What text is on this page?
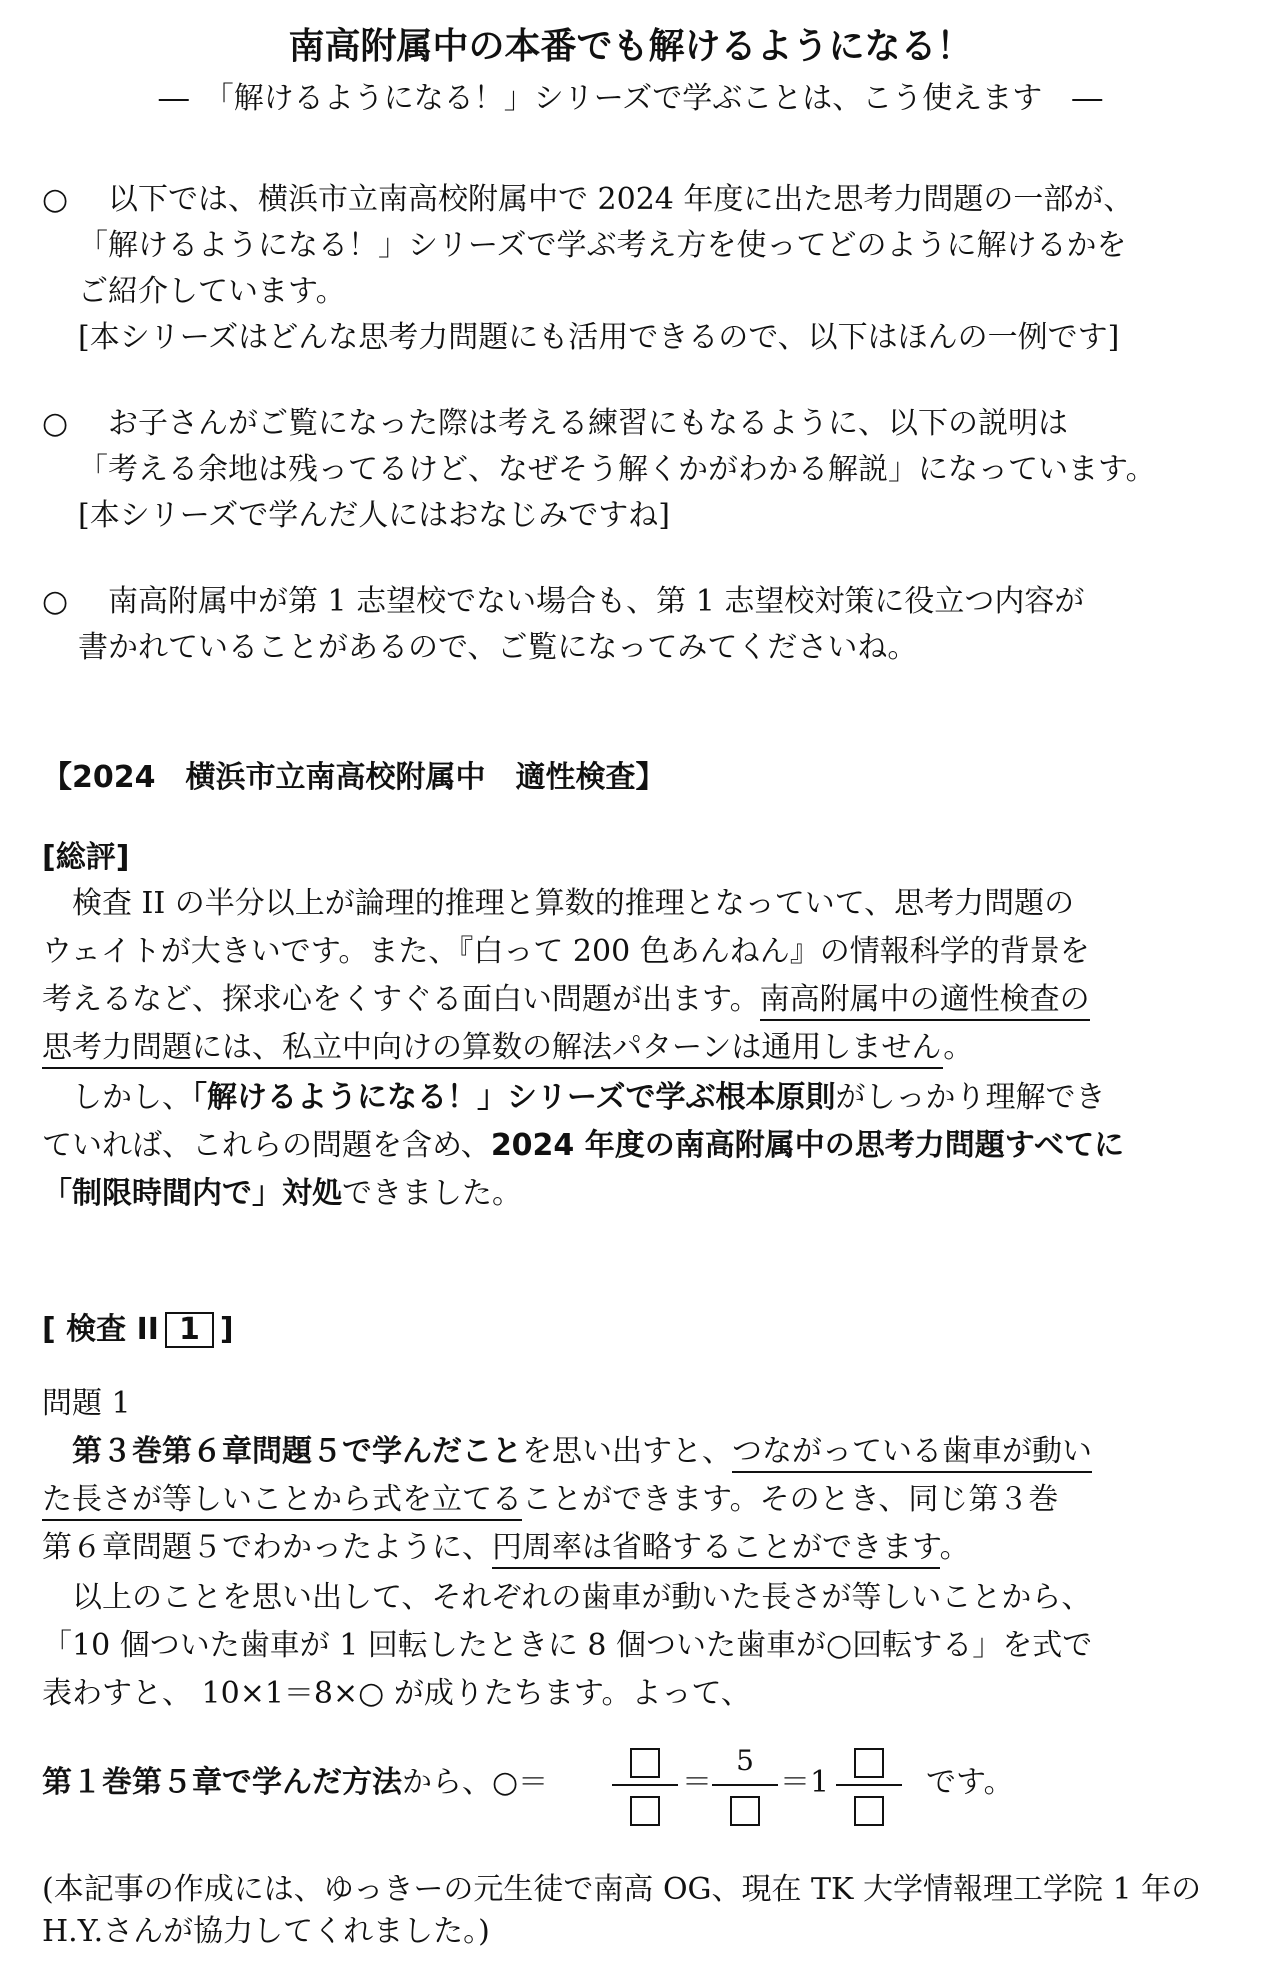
南高附属中の本番でも解けるようになる！
―　「解けるようになる！」シリーズで学ぶことは、こう使えます　―
○ 以下では、横浜市立南高校附属中で 2024 年度に出た思考力問題の一部が、
「解けるようになる！」シリーズで学ぶ考え方を使ってどのように解けるかを
ご紹介しています。
[本シリーズはどんな思考力問題にも活用できるので、以下はほんの一例です]
○ お子さんがご覧になった際は考える練習にもなるように、以下の説明は
「考える余地は残ってるけど、なぜそう解くかがわかる解説」になっています。
[本シリーズで学んだ人にはおなじみですね]
○ 南高附属中が第 1 志望校でない場合も、第 1 志望校対策に役立つ内容が
書かれていることがあるので、ご覧になってみてくださいね。
【2024　横浜市立南高校附属中　適性検査】
[総評]
検査 II の半分以上が論理的推理と算数的推理となっていて、思考力問題の
ウェイトが大きいです。また、『白って 200 色あんねん』の情報科学的背景を
考えるなど、探求心をくすぐる面白い問題が出ます。南高附属中の適性検査の
思考力問題には、私立中向けの算数の解法パターンは通用しません。
しかし、「解けるようになる！」シリーズで学ぶ根本原則がしっかり理解でき
ていれば、これらの問題を含め、2024 年度の南高附属中の思考力問題すべてに
「制限時間内で」対処できました。
[ 検査 II 1 ]
問題 1
第３巻第６章問題５で学んだことを思い出すと、つながっている歯車が動い
た長さが等しいことから式を立てることができます。そのとき、同じ第３巻
第６章問題５でわかったように、円周率は省略することができます。
以上のことを思い出して、それぞれの歯車が動いた長さが等しいことから、
「10 個ついた歯車が 1 回転したときに 8 個ついた歯車が○回転する」を式で
表わすと、 10×1＝8×○ が成りたちます。よって、
第１巻第５章で学んだ方法から、○＝	＝
5
＝1	です。
(本記事の作成には、ゆっきーの元生徒で南高 OG、現在 TK 大学情報理工学院 1 年の
H.Y.さんが協力してくれました。)
